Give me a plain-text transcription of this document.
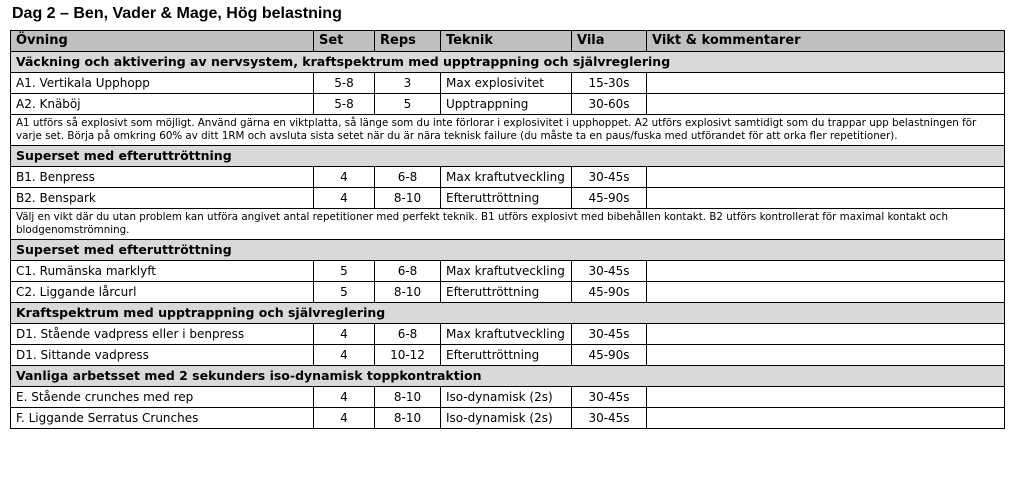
Dag 2 – Ben, Vader & Mage, Hög belastning
Övning	Set	Reps	Teknik	Vila	Vikt & kommentarer
Väckning och aktivering av nervsystem, kraftspektrum med upptrappning och självreglering					
A1. Vertikala Upphopp	5-8	3	Max explosivitet	15-30s	
A2. Knäböj	5-8	5	Upptrappning	30-60s	
A1 utförs så explosivt som möjligt. Använd gärna en viktplatta, så länge som du inte förlorar i explosivitet i upphoppet. A2 utförs explosivt samtidigt som du trappar upp belastningen för varje set. Börja på omkring 60% av ditt 1RM och avsluta sista setet när du är nära teknisk failure (du måste ta en paus/fuska med utförandet för att orka fler repetitioner).					
Superset med efteruttröttning					
B1. Benpress	4	6-8	Max kraftutveckling	30-45s	
B2. Benspark	4	8-10	Efteruttröttning	45-90s	
Välj en vikt där du utan problem kan utföra angivet antal repetitioner med perfekt teknik. B1 utförs explosivt med bibehållen kontakt. B2 utförs kontrollerat för maximal kontakt och blodgenomströmning.					
Superset med efteruttröttning					
C1. Rumänska marklyft	5	6-8	Max kraftutveckling	30-45s	
C2. Liggande lårcurl	5	8-10	Efteruttröttning	45-90s	
Kraftspektrum med upptrappning och självreglering					
D1. Stående vadpress eller i benpress	4	6-8	Max kraftutveckling	30-45s	
D1. Sittande vadpress	4	10-12	Efteruttröttning	45-90s	
Vanliga arbetsset med 2 sekunders iso-dynamisk toppkontraktion					
E. Stående crunches med rep	4	8-10	Iso-dynamisk (2s)	30-45s	
F. Liggande Serratus Crunches	4	8-10	Iso-dynamisk (2s)	30-45s	
